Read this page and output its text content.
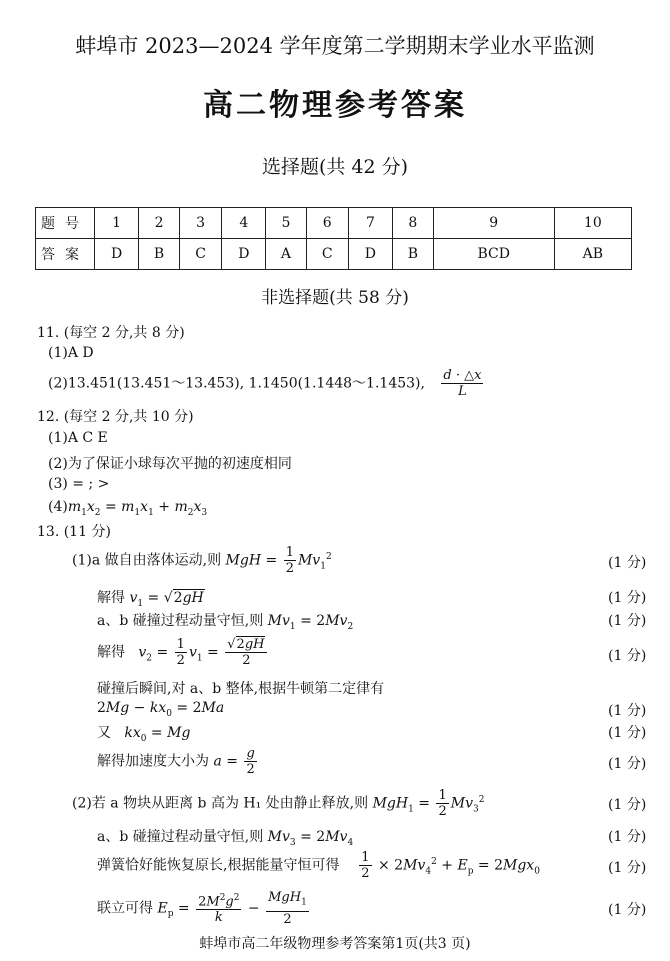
蚌埠市 2023—2024 学年度第二学期期末学业水平监测
高二物理参考答案
选择题(共 42 分)
题号	1	2	3	4	5	6	7	8	9	10
答案	D	B	C	D	A	C	D	B	BCD	AB
非选择题(共 58 分)
11. (每空 2 分,共 8 分)
(1)A D
(2)13.451(13.451～13.453), 1.1450(1.1448～1.1453), $\frac{d \cdot \triangle x}{L}$
12. (每空 2 分,共 10 分)
(1)A C E
(2)为了保证小球每次平抛的初速度相同
(3) = ; >
$(4)m_1x_2 = m_1x_1 + m_2x_3$
13. (11 分)
(1)a 做自由落体运动,则 MgH = $\frac{1}{2} Mv_1^2$	(1 分)
解得 $v_1 = √2gH$	(1 分)
a、b 碰撞过程动量守恒,则 $Mv_1 = 2Mv_2$	(1 分)
解得 $v_2 = \frac{1}{2} v_1 = \frac{√2gH}{2}$	(1 分)
碰撞后瞬间,对 a、b 整体,根据牛顿第二定律有
$2Mg - kx_0 = 2Ma$	(1 分)
又 $kx_0 = Mg$	(1 分)
解得加速度大小为 $a = \frac{g}{2}$	(1 分)
(2)若 a 物块从距离 b 高为 H₁ 处由静止释放,则 $MgH_1 = \frac{1}{2} Mv_3^2$	(1 分)
a、b 碰撞过程动量守恒,则 $Mv_3 = 2Mv_4$	(1 分)
弹簧恰好能恢复原长,根据能量守恒可得 $\frac{1}{2} \times 2Mv_4^2 + E_p = 2Mgx_0$	(1 分)
联立可得 $E_p = \frac{2M^2g^2}{k} - \frac{MgH_1}{2}$	(1 分)
蚌埠市高二年级物理参考答案第1页(共3 页)
